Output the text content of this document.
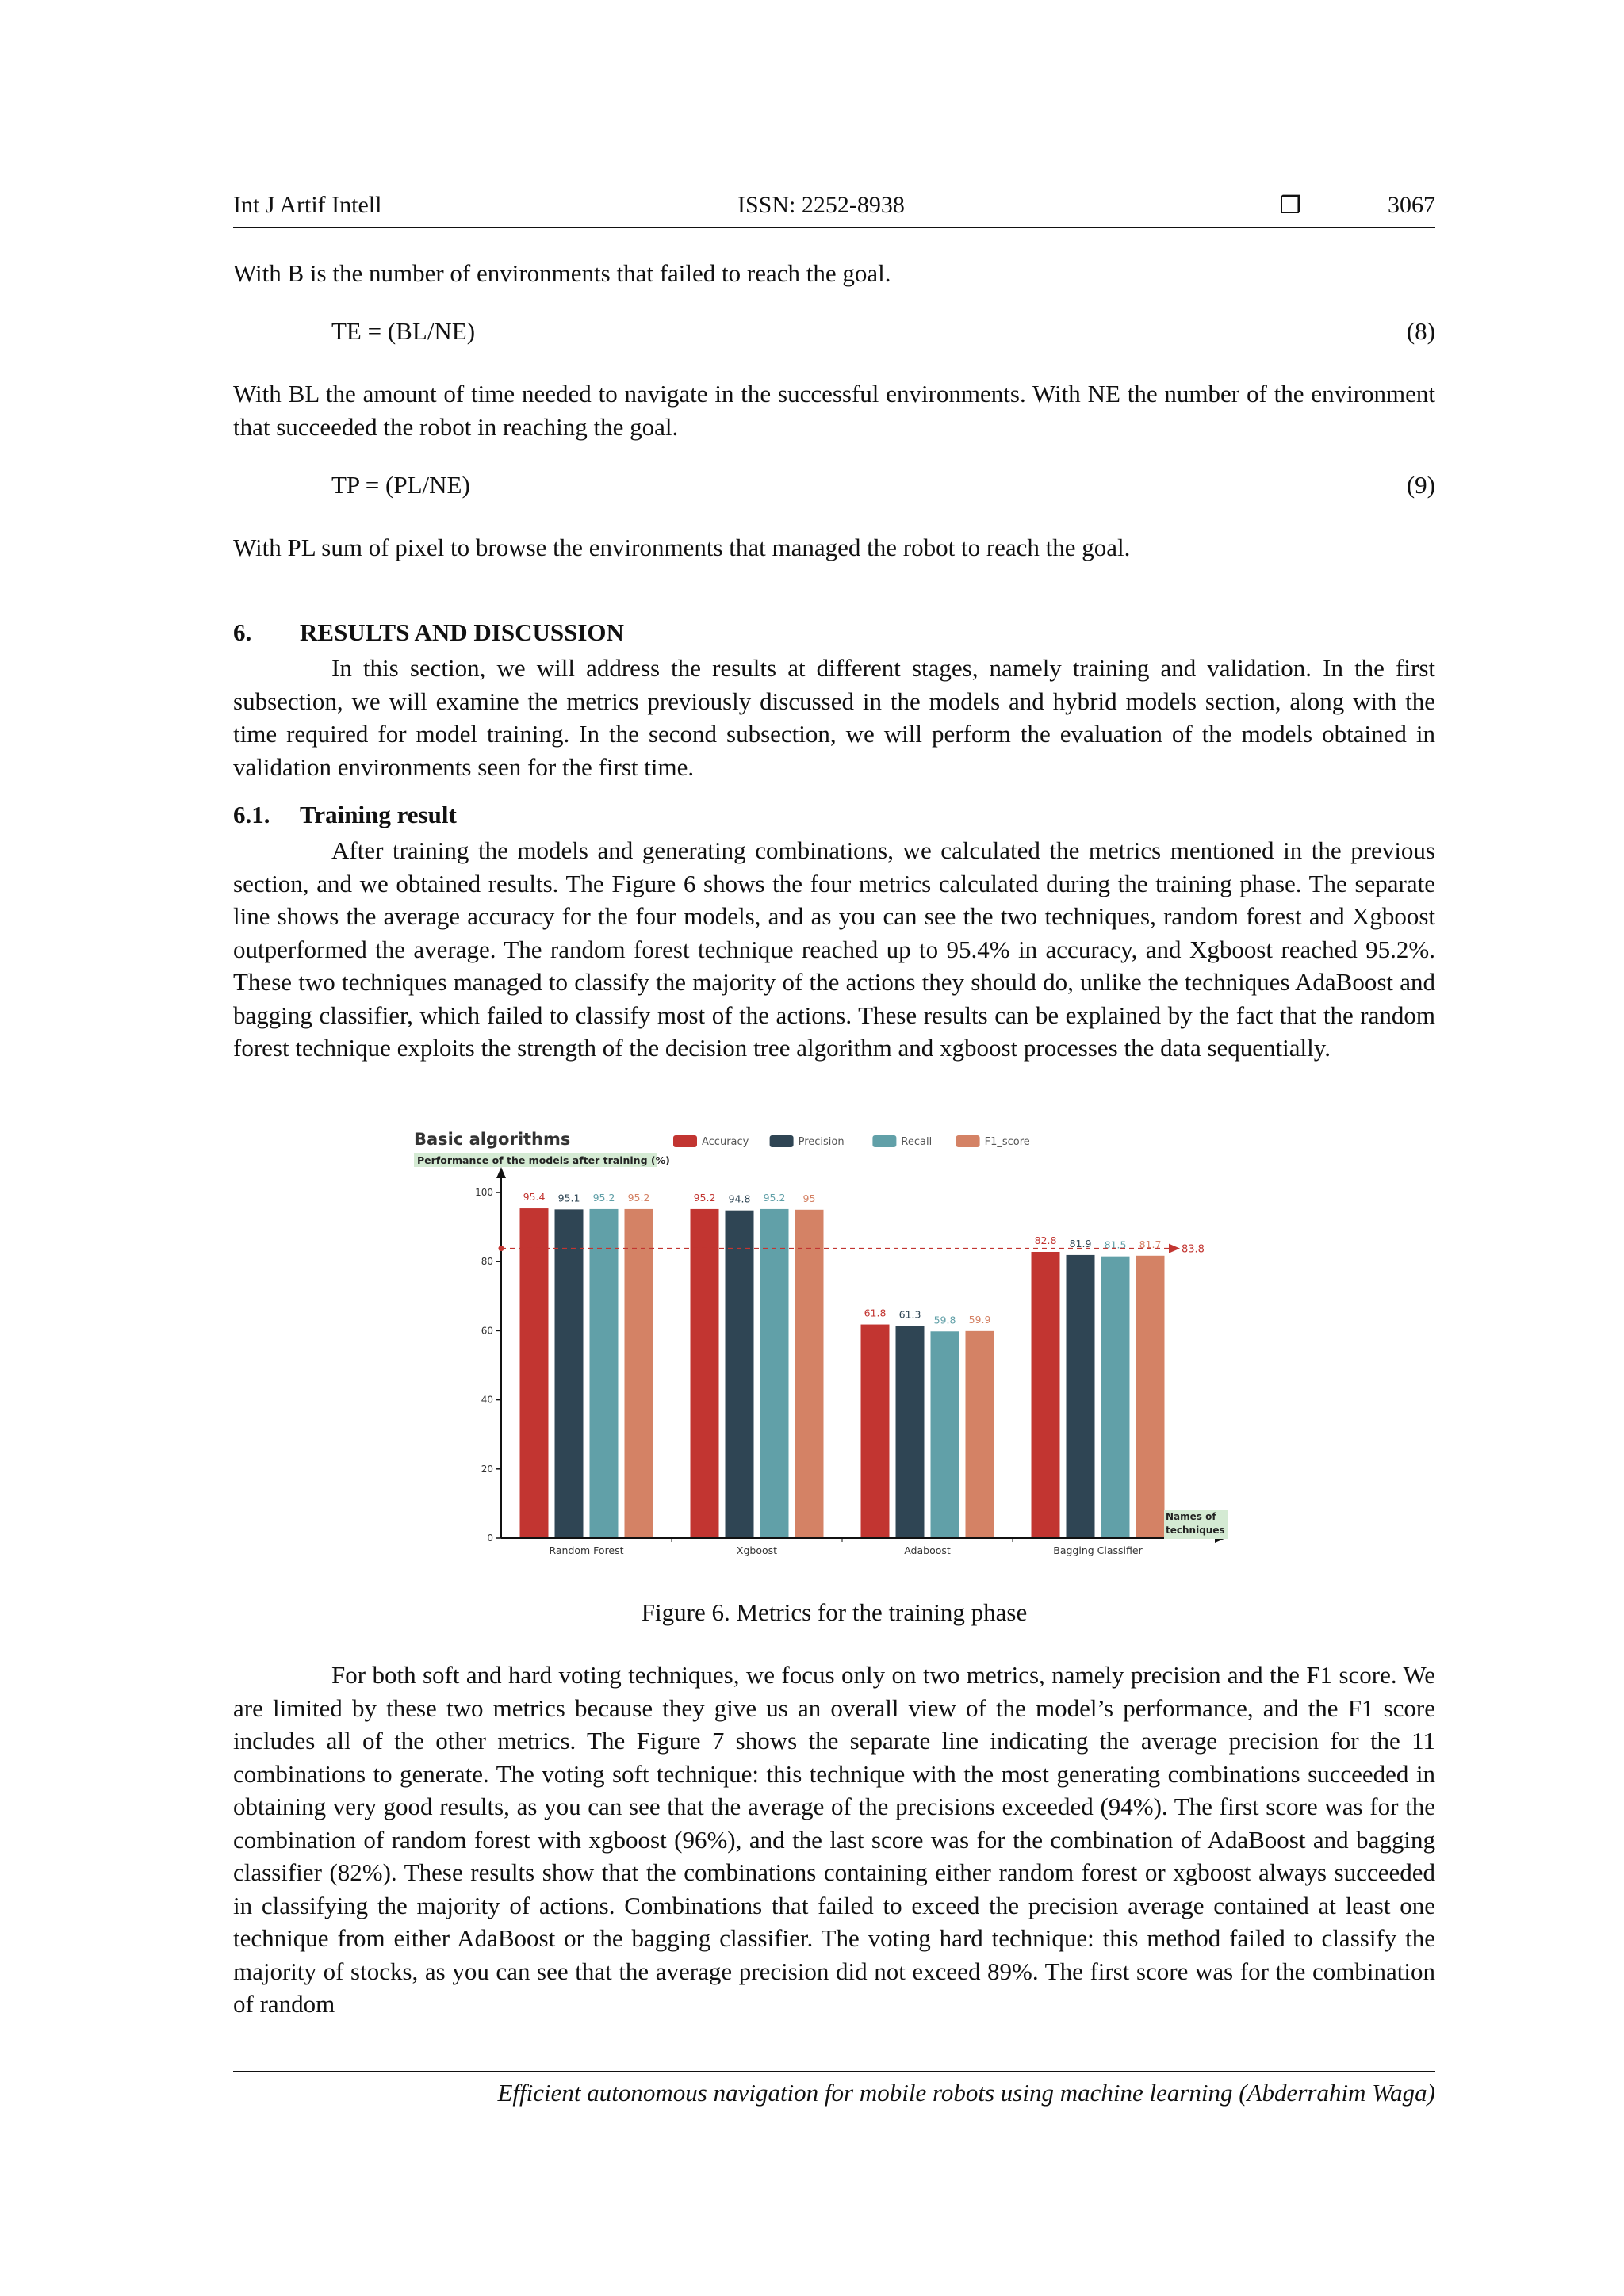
Int J Artif Intell	ISSN: 2252-8938	❒	3067

With B is the number of environments that failed to reach the goal.

TE = (BL/NE)	(8)

With BL the amount of time needed to navigate in the successful environments. With NE the number of the environment that succeeded the robot in reaching the goal.

TP = (PL/NE)	(9)

With PL sum of pixel to browse the environments that managed the robot to reach the goal.

6. RESULTS AND DISCUSSION

In this section, we will address the results at different stages, namely training and validation. In the first subsection, we will examine the metrics previously discussed in the models and hybrid models section, along with the time required for model training. In the second subsection, we will perform the evaluation of the models obtained in validation environments seen for the first time.

6.1. Training result

After training the models and generating combinations, we calculated the metrics mentioned in the previous section, and we obtained results. The Figure 6 shows the four metrics calculated during the training phase. The separate line shows the average accuracy for the four models, and as you can see the two techniques, random forest and Xgboost outperformed the average. The random forest technique reached up to 95.4% in accuracy, and Xgboost reached 95.2%. These two techniques managed to classify the majority of the actions they should do, unlike the techniques AdaBoost and bagging classifier, which failed to classify most of the actions. These results can be explained by the fact that the random forest technique exploits the strength of the decision tree algorithm and xgboost processes the data sequentially.

Basic algorithms
Performance of the models after training (%)
Accuracy	Precision	Recall	F1_score
0
20
40
60
80
100	95.4 95.1 95.2 95.2	95.2 94.8 95.2 95
61.8 61.3 59.8 59.9
82.8 81.9 81.5 81.7 83.8
Random Forest	Xgboost	Adaboost	Bagging Classifier
Names of techniques
Figure 6. Metrics for the training phase

For both soft and hard voting techniques, we focus only on two metrics, namely precision and the F1 score. We are limited by these two metrics because they give us an overall view of the model’s performance, and the F1 score includes all of the other metrics. The Figure 7 shows the separate line indicating the average precision for the 11 combinations to generate. The voting soft technique: this technique with the most generating combinations succeeded in obtaining very good results, as you can see that the average of the precisions exceeded (94%). The first score was for the combination of random forest with xgboost (96%), and the last score was for the combination of AdaBoost and bagging classifier (82%). These results show that the combinations containing either random forest or xgboost always succeeded in classifying the majority of actions. Combinations that failed to exceed the precision average contained at least one technique from either AdaBoost or the bagging classifier. The voting hard technique: this method failed to classify the majority of stocks, as you can see that the average precision did not exceed 89%. The first score was for the combination of random

Efficient autonomous navigation for mobile robots using machine learning (Abderrahim Waga)
